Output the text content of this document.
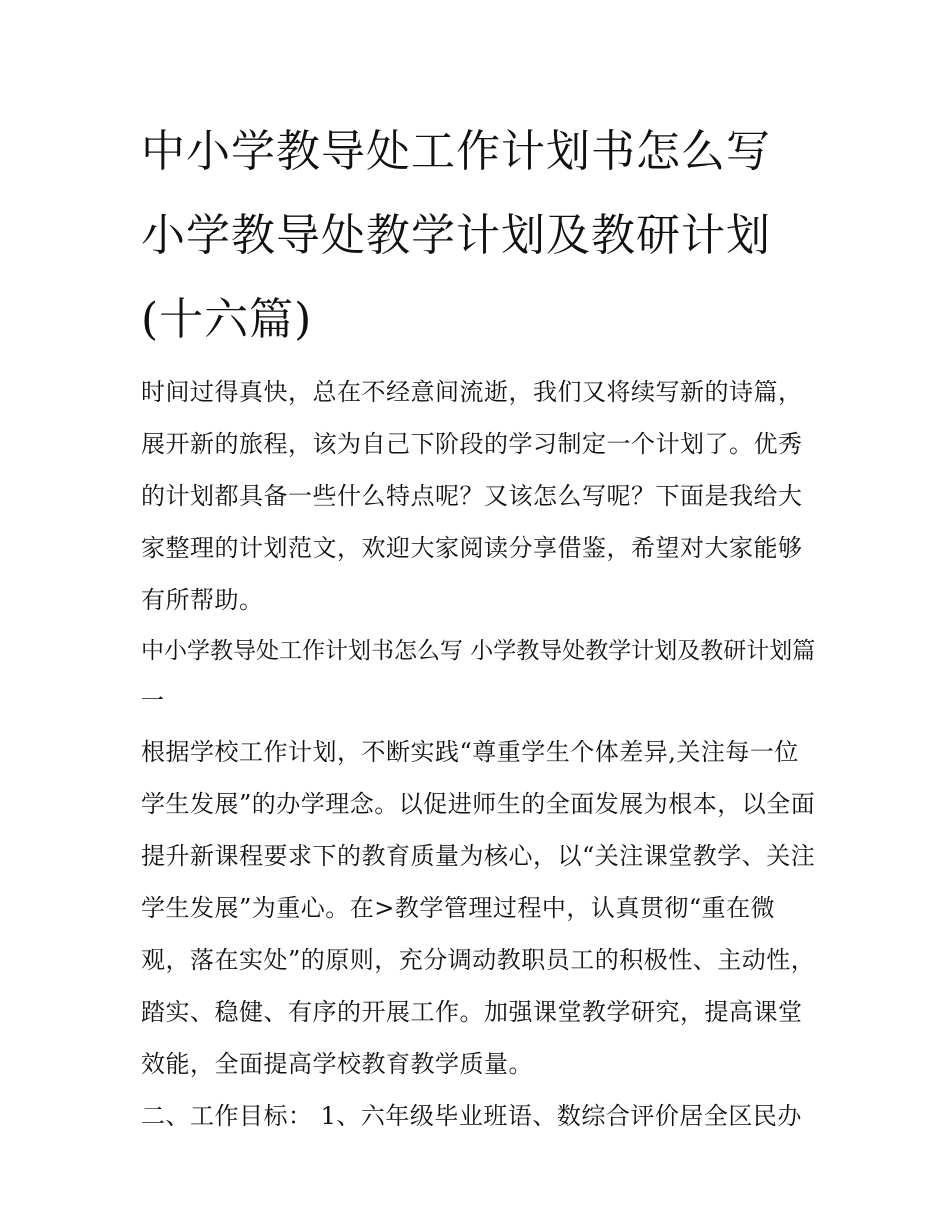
中小学教导处工作计划书怎么写 小学教导处教学计划及教研计划(十六篇)

时间过得真快，总在不经意间流逝，我们又将续写新的诗篇，展开新的旅程，该为自己下阶段的学习制定一个计划了。优秀的计划都具备一些什么特点呢？又该怎么写呢？下面是我给大家整理的计划范文，欢迎大家阅读分享借鉴，希望对大家能够有所帮助。

中小学教导处工作计划书怎么写 小学教导处教学计划及教研计划篇一

根据学校工作计划，不断实践“尊重学生个体差异,关注每一位学生发展”的办学理念。以促进师生的全面发展为根本，以全面提升新课程要求下的教育质量为核心，以“关注课堂教学、关注学生发展”为重心。在>教学管理过程中，认真贯彻“重在微观，落在实处”的原则，充分调动教职员工的积极性、主动性，踏实、稳健、有序的开展工作。加强课堂教学研究，提高课堂效能，全面提高学校教育教学质量。

二、工作目标： 1、六年级毕业班语、数综合评价居全区民办
